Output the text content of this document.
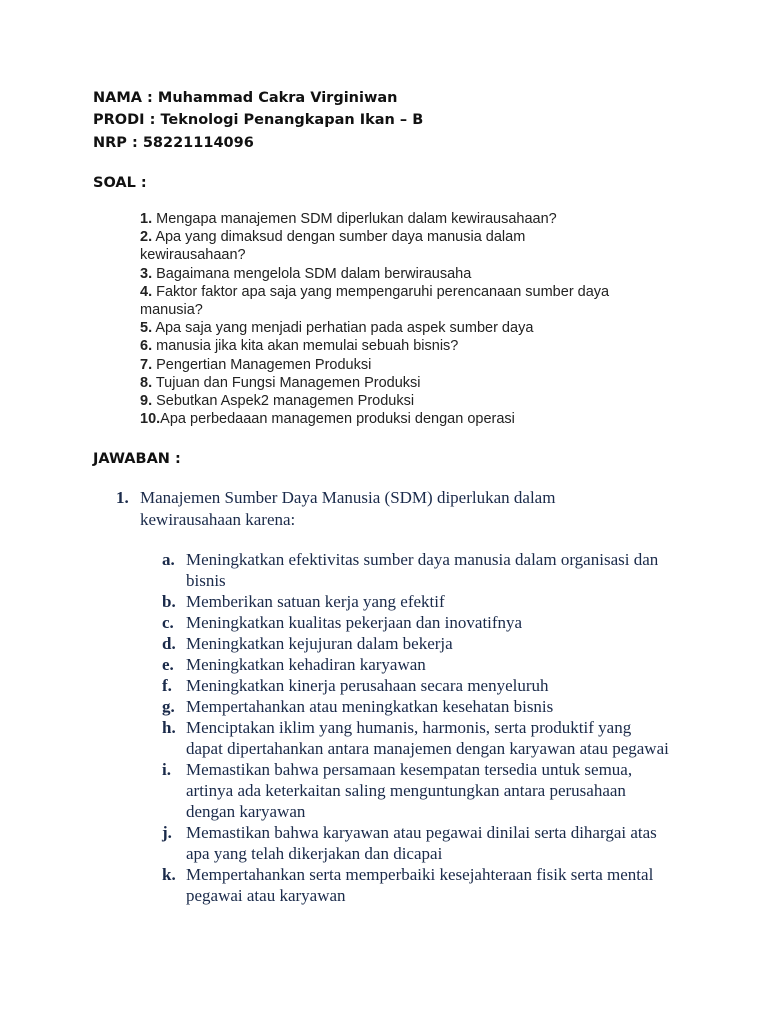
NAMA : Muhammad Cakra Virginiwan
PRODI : Teknologi Penangkapan Ikan – B
NRP : 58221114096
SOAL :
1. Mengapa manajemen SDM diperlukan dalam kewirausahaan?
2. Apa yang dimaksud dengan sumber daya manusia dalam kewirausahaan?
3. Bagaimana mengelola SDM dalam berwirausaha
4. Faktor faktor apa saja yang mempengaruhi perencanaan sumber daya manusia?
5. Apa saja yang menjadi perhatian pada aspek sumber daya
6. manusia jika kita akan memulai sebuah bisnis?
7. Pengertian Managemen Produksi
8. Tujuan dan Fungsi Managemen Produksi
9. Sebutkan Aspek2 managemen Produksi
10.Apa perbedaaan managemen produksi dengan operasi
JAWABAN :
1. Manajemen Sumber Daya Manusia (SDM) diperlukan dalam kewirausahaan karena:
a. Meningkatkan efektivitas sumber daya manusia dalam organisasi dan bisnis
b. Memberikan satuan kerja yang efektif
c. Meningkatkan kualitas pekerjaan dan inovatifnya
d. Meningkatkan kejujuran dalam bekerja
e. Meningkatkan kehadiran karyawan
f. Meningkatkan kinerja perusahaan secara menyeluruh
g. Mempertahankan atau meningkatkan kesehatan bisnis
h. Menciptakan iklim yang humanis, harmonis, serta produktif yang dapat dipertahankan antara manajemen dengan karyawan atau pegawai
i. Memastikan bahwa persamaan kesempatan tersedia untuk semua, artinya ada keterkaitan saling menguntungkan antara perusahaan dengan karyawan
j. Memastikan bahwa karyawan atau pegawai dinilai serta dihargai atas apa yang telah dikerjakan dan dicapai
k. Mempertahankan serta memperbaiki kesejahteraan fisik serta mental pegawai atau karyawan
